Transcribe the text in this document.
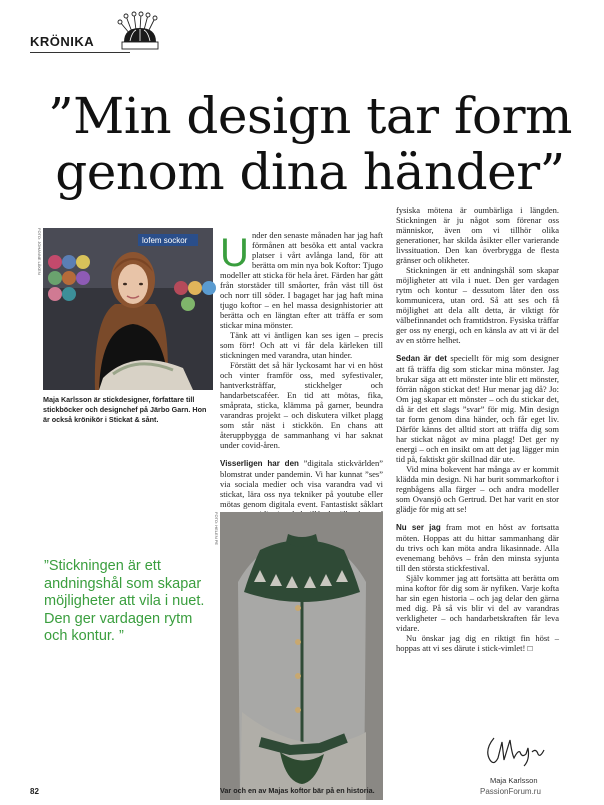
KRÖNIKA
”Min design tar form
genom dina händer”
FOTO: JOHANNE LÅKEN	lofem sockor

Maja Karlsson är stickdesigner, författare till stickböcker och designchef på Järbo Garn. Hon är också krönikör i Stickat & sånt.

”Stickningen är ett andningshål som skapar möjligheter att vila i nuet. Den ger vardagen rytm och kontur. ”

U nder den senaste månaden har jag haft förmånen att besöka ett antal vackra platser i vårt avlånga land, för att berätta om min nya bok Koftor: Tjugo modeller att sticka för hela året. Färden har gått från storstäder till småorter, från väst till öst och norr till söder. I bagaget har jag haft mina tjugo koftor – en hel massa designhistorier att berätta och en längtan efter att träffa er som stickar mina mönster.

Tänk att vi äntligen kan ses igen – precis som förr! Och att vi får dela kärleken till stickningen med varandra, utan hinder.

Förstätt det så här lyckosamt har vi en höst och vinter framför oss, med syfestivaler, hantverksträffar, stickhelger och handarbetscaféer. En tid att mötas, fika, småprata, sticka, klämma på garner, beundra varandras projekt – och diskutera vilket plagg som står näst i stickkön. En chans att återuppbygga de sammanhang vi har saknat under covid-åren.

Visserligen har den ”digitala stickvärlden” blomstrat under pandemin. Vi har kunnat ”ses” via sociala medier och visa varandra vad vi stickat, lära oss nya tekniker på youtube eller mötas genom digitala event. Fantastiskt såklart

FOTO: HELEN PE

Var och en av Majas koftor bär på en historia.

fysiska mötena är oumbärliga i längden. Stickningen är ju något som förenar oss människor, även om vi tillhör olika generationer, har skilda åsikter eller varierande livssituation. Den kan överbrygga de flesta gränser och olikheter.

Stickningen är ett andningshål som skapar möjligheter att vila i nuet. Den ger vardagen rytm och kontur – dessutom låter den oss kommunicera, utan ord. Så att ses och få möjlighet att dela allt detta, är viktigt för välbefinnandet och framtidstron. Fysiska träffar ger oss ny energi, och en känsla av att vi är del av en större helhet.

Sedan är det speciellt för mig som designer att få träffa dig som stickar mina mönster. Jag brukar säga att ett mönster inte blir ett mönster, förrän någon stickat det! Hur menar jag då? Jo: Om jag skapar ett mönster – och du stickar det, då är det ett slags ”svar” för mig. Min design tar form genom dina händer, och får eget liv. Därför känns det alltid stort att träffa dig som har stickat något av mina plagg! Det ger ny energi – och en insikt om att det jag lägger min tid på, faktiskt gör skillnad där ute.

Vid mina bokevent har många av er kommit klädda min design. Ni har burit sommarkoftor i regnbågens alla färger – och andra modeller som Ovansjö och Gertrud. Det har varit en stor glädje för mig att se!

Nu ser jag fram mot en höst av fortsatta möten. Hoppas att du hittar sammanhang där du trivs och kan möta andra likasinnade. Alla evenemang behövs – från den minsta syjunta till den största stickfestival.

Själv kommer jag att fortsätta att berätta om mina koftor för dig som är nyfiken. Varje kofta har sin egen historia – och jag delar den gärna med dig. På så vis blir vi del av varandras verkligheter – och handarbetskraften får leva vidare.

Nu önskar jag dig en riktigt fin höst – hoppas att vi ses därute i stick-vimlet! □

Maja Karlsson

82	PassionForum.ru
